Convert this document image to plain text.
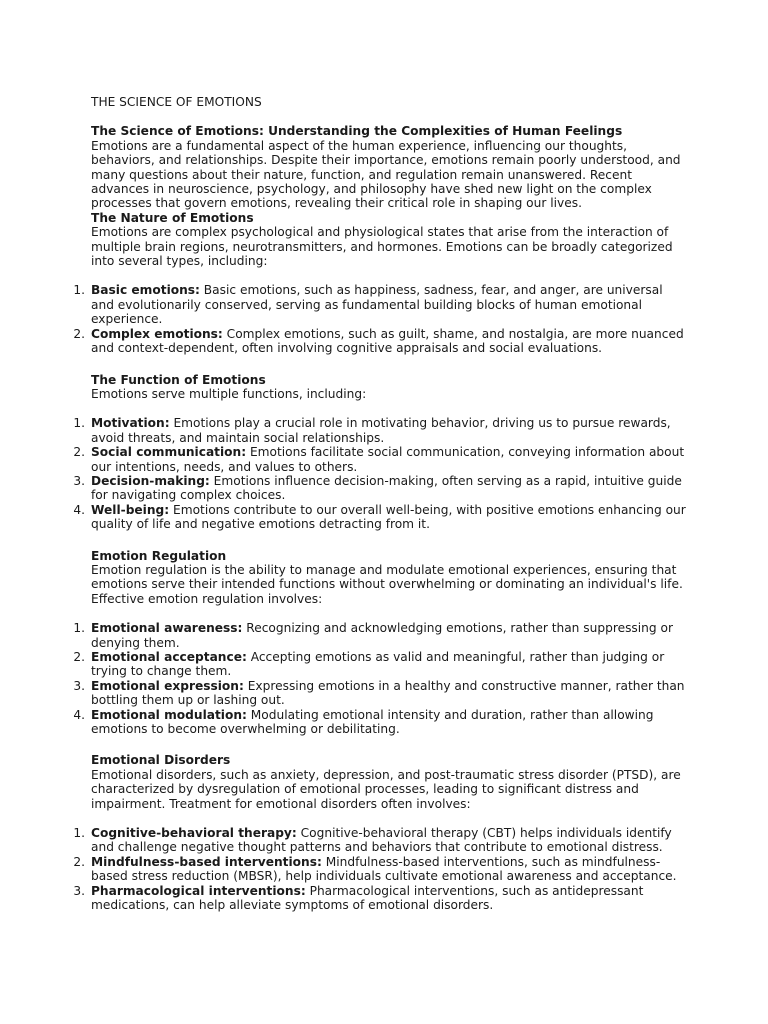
THE SCIENCE OF EMOTIONS
The Science of Emotions: Understanding the Complexities of Human Feelings

Emotions are a fundamental aspect of the human experience, influencing our thoughts, behaviors, and relationships. Despite their importance, emotions remain poorly understood, and many questions about their nature, function, and regulation remain unanswered. Recent advances in neuroscience, psychology, and philosophy have shed new light on the complex processes that govern emotions, revealing their critical role in shaping our lives.

The Nature of Emotions

Emotions are complex psychological and physiological states that arise from the interaction of multiple brain regions, neurotransmitters, and hormones. Emotions can be broadly categorized into several types, including:

1. Basic emotions: Basic emotions, such as happiness, sadness, fear, and anger, are universal and evolutionarily conserved, serving as fundamental building blocks of human emotional experience.
2. Complex emotions: Complex emotions, such as guilt, shame, and nostalgia, are more nuanced and context-dependent, often involving cognitive appraisals and social evaluations.
The Function of Emotions

Emotions serve multiple functions, including:

1. Motivation: Emotions play a crucial role in motivating behavior, driving us to pursue rewards, avoid threats, and maintain social relationships.
2. Social communication: Emotions facilitate social communication, conveying information about our intentions, needs, and values to others.
3. Decision-making: Emotions influence decision-making, often serving as a rapid, intuitive guide for navigating complex choices.
4. Well-being: Emotions contribute to our overall well-being, with positive emotions enhancing our quality of life and negative emotions detracting from it.
Emotion Regulation

Emotion regulation is the ability to manage and modulate emotional experiences, ensuring that emotions serve their intended functions without overwhelming or dominating an individual's life. Effective emotion regulation involves:

1. Emotional awareness: Recognizing and acknowledging emotions, rather than suppressing or denying them.
2. Emotional acceptance: Accepting emotions as valid and meaningful, rather than judging or trying to change them.
3. Emotional expression: Expressing emotions in a healthy and constructive manner, rather than bottling them up or lashing out.
4. Emotional modulation: Modulating emotional intensity and duration, rather than allowing emotions to become overwhelming or debilitating.
Emotional Disorders

Emotional disorders, such as anxiety, depression, and post-traumatic stress disorder (PTSD), are characterized by dysregulation of emotional processes, leading to significant distress and impairment. Treatment for emotional disorders often involves:

1. Cognitive-behavioral therapy: Cognitive-behavioral therapy (CBT) helps individuals identify and challenge negative thought patterns and behaviors that contribute to emotional distress.
2. Mindfulness-based interventions: Mindfulness-based interventions, such as mindfulness-based stress reduction (MBSR), help individuals cultivate emotional awareness and acceptance.
3. Pharmacological interventions: Pharmacological interventions, such as antidepressant medications, can help alleviate symptoms of emotional disorders.
